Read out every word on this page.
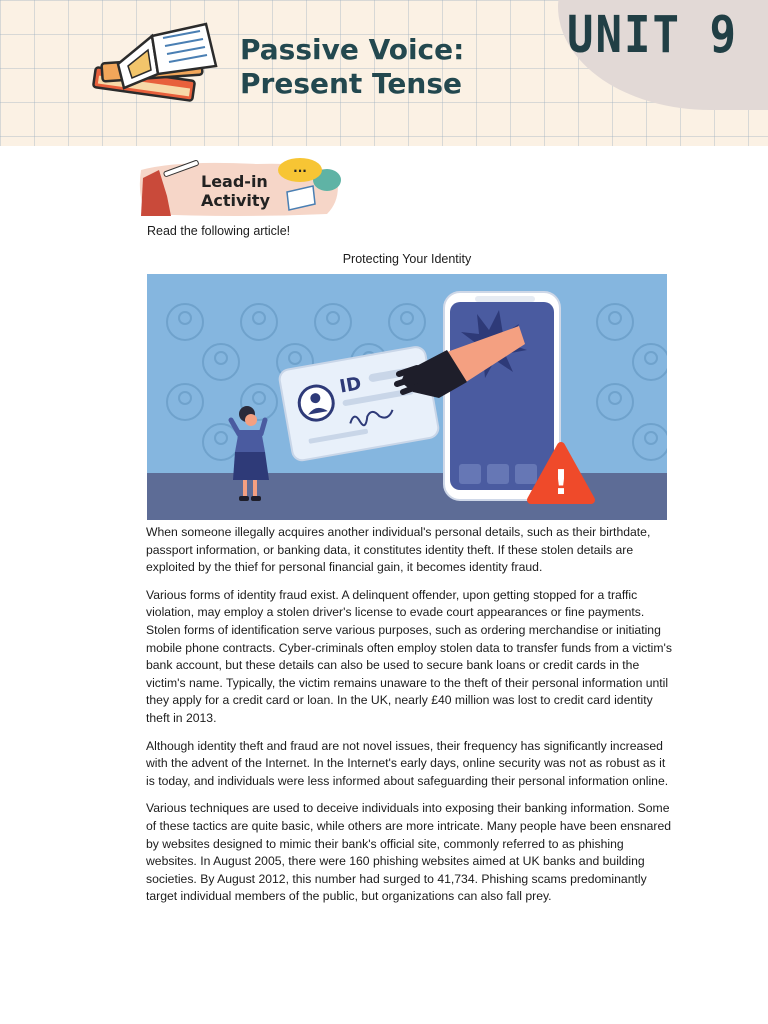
Passive Voice:
Present Tense
UNIT 9
Lead-in
Activity
...
Read the following article!
Protecting Your Identity
ID
!

When someone illegally acquires another individual's personal details, such as their birthdate, passport information, or banking data, it constitutes identity theft. If these stolen details are exploited by the thief for personal financial gain, it becomes identity fraud.

Various forms of identity fraud exist. A delinquent offender, upon getting stopped for a traffic violation, may employ a stolen driver's license to evade court appearances or fine payments. Stolen forms of identification serve various purposes, such as ordering merchandise or initiating mobile phone contracts. Cyber-criminals often employ stolen data to transfer funds from a victim's bank account, but these details can also be used to secure bank loans or credit cards in the victim's name. Typically, the victim remains unaware to the theft of their personal information until they apply for a credit card or loan. In the UK, nearly £40 million was lost to credit card identity theft in 2013.

Although identity theft and fraud are not novel issues, their frequency has significantly increased with the advent of the Internet. In the Internet's early days, online security was not as robust as it is today, and individuals were less informed about safeguarding their personal information online.

Various techniques are used to deceive individuals into exposing their banking information. Some of these tactics are quite basic, while others are more intricate. Many people have been ensnared by websites designed to mimic their bank's official site, commonly referred to as phishing websites. In August 2005, there were 160 phishing websites aimed at UK banks and building societies. By August 2012, this number had surged to 41,734. Phishing scams predominantly target individual members of the public, but organizations can also fall prey.
